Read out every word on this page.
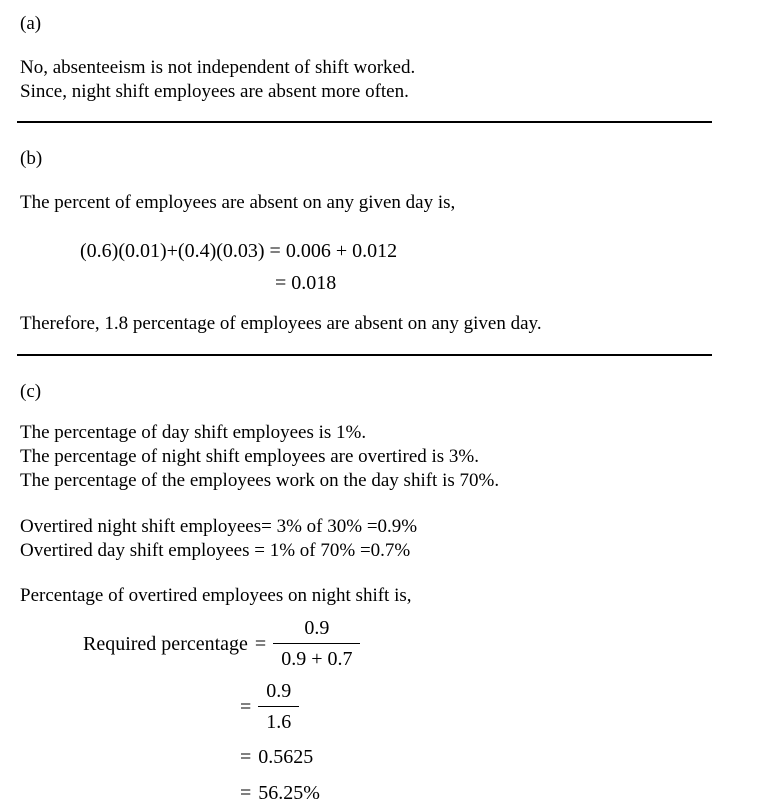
(a)

No, absenteeism is not independent of shift worked.

Since, night shift employees are absent more often.

(b)

The percent of employees are absent on any given day is,

(0.6)(0.01)+(0.4)(0.03) = 0.006 + 0.012
= 0.018

Therefore, 1.8 percentage of employees are absent on any given day.

(c)

The percentage of day shift employees is 1%.

The percentage of night shift employees are overtired is 3%.

The percentage of the employees work on the day shift is 70%.

Overtired night shift employees= 3% of 30% =0.9%

Overtired day shift employees = 1% of 70% =0.7%

Percentage of overtired employees on night shift is,

Required percentage = $\frac{0.9}{0.9 + 0.7}$
= $\frac{0.9}{1.6}$
= 0.5625
= 56.25%
